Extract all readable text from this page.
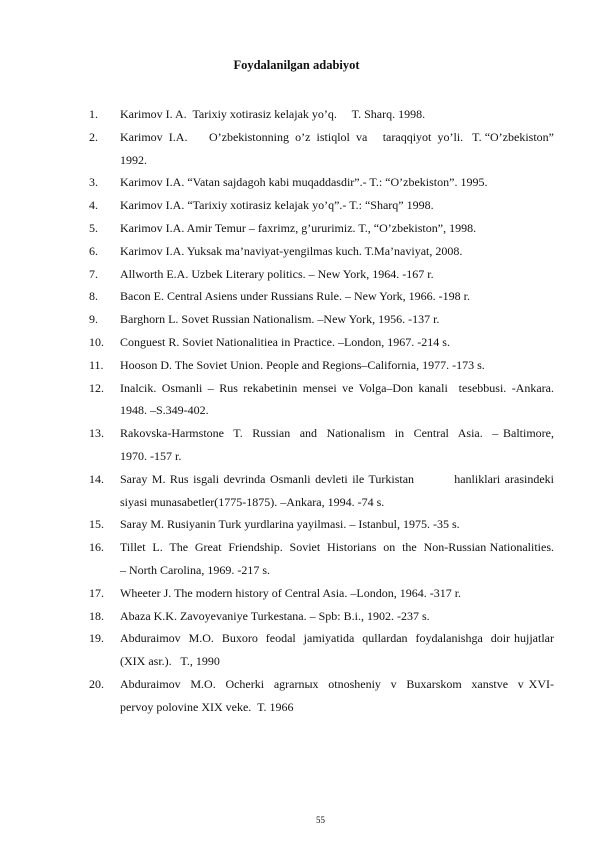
Foydalanilgan adabiyot
1.	Karimov I. A.  Tarixiy xotirasiz kelajak yo’q.     T. Sharq. 1998.
2.	Karimov  I.A.       O’zbekistonning  o’z  istiqlol  va     taraqqiyot  yo’li.   T. “O’zbekiston” 1992.
3.	Karimov I.A. “Vatan sajdagoh kabi muqaddasdir”.- T.: “O’zbekiston”. 1995.
4.	Karimov I.A. “Tarixiy xotirasiz kelajak yo’q”.- T.: “Sharq” 1998.
5.	Karimov I.A. Amir Temur – faxrimz, g’ururimiz. T., “O’zbekiston”, 1998.
6.	Karimov I.A. Yuksak ma’naviyat-yengilmas kuch. T.Ma’naviyat, 2008.
7.	Allworth E.A. Uzbek Literary politics. – New York, 1964. -167 r.
8.	Bacon E. Central Asiens under Russians Rule. – New York, 1966. -198 r.
9.	Barghorn L. Sovet Russian Nationalism. –New York, 1956. -137 r.
10.	Conguest R. Soviet Nationalitiea in Practice. –London, 1967. -214 s.
11.	Hooson D. The Soviet Union. People and Regions–California, 1977. -173 s.
12.	Inalcik. Osmanli – Rus rekabetinin mensei ve Volga–Don kanali  tesebbusi. -Ankara. 1948. –S.349-402.
13.	Rakovska-Harmstone  T.  Russian  and  Nationalism  in  Central  Asia.  – Baltimore, 1970. -157 r.
14.	Saray M. Rus isgali devrinda Osmanli devleti ile Turkistan         hanliklari arasindeki siyasi munasabetler(1775-1875). –Ankara, 1994. -74 s.
15.	Saray M. Rusiyanin Turk yurdlarina yayilmasi. – Istanbul, 1975. -35 s.
16.	Tillet  L.  The  Great  Friendship.  Soviet  Historians  on  the  Non-Russian Nationalities. – North Carolina, 1969. -217 s.
17.	Wheeter J. The modern history of Central Asia. –London, 1964. -317 r.
18.	Abaza K.K. Zavoyevaniye Turkestana. – Spb: B.i., 1902. -237 s.
19.	Abduraimov  M.O.  Buxoro  feodal  jamiyatida  qullardan  foydalanishga  doir hujjatlar (XIX asr.).   T., 1990
20.	Abduraimov  M.O.  Ocherki  agrarnых  otnosheniy  v  Buxarskom  xanstve  v XVI-pervoy polovine XIX veke.  T. 1966
55
